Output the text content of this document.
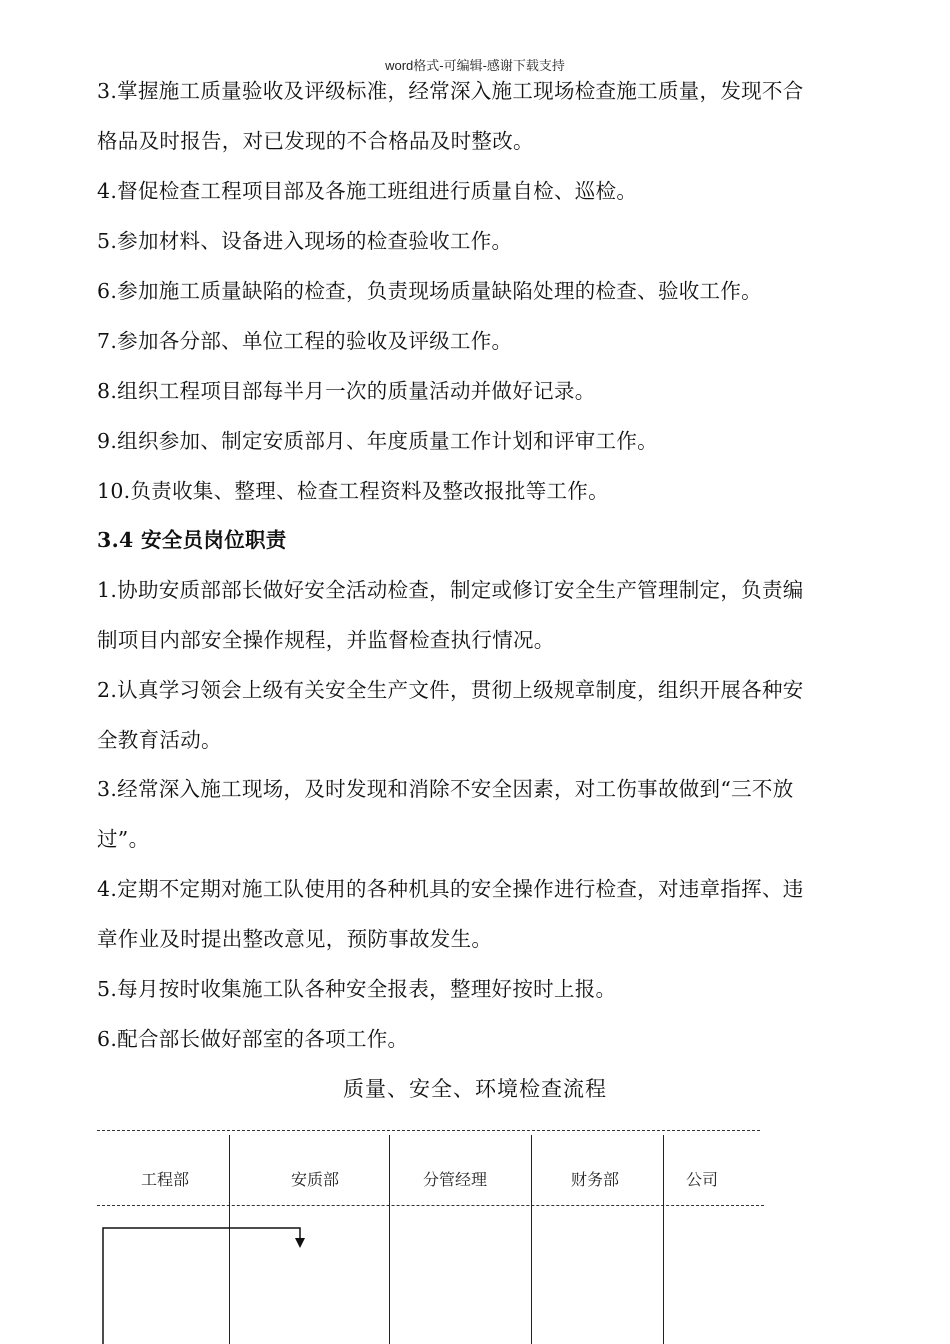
word格式-可编辑-感谢下载支持
3.掌握施工质量验收及评级标准，经常深入施工现场检查施工质量，发现不合
格品及时报告，对已发现的不合格品及时整改。
4.督促检查工程项目部及各施工班组进行质量自检、巡检。
5.参加材料、设备进入现场的检查验收工作。
6.参加施工质量缺陷的检查，负责现场质量缺陷处理的检查、验收工作。
7.参加各分部、单位工程的验收及评级工作。
8.组织工程项目部每半月一次的质量活动并做好记录。
9.组织参加、制定安质部月、年度质量工作计划和评审工作。
10.负责收集、整理、检查工程资料及整改报批等工作。
3.4 安全员岗位职责
1.协助安质部部长做好安全活动检查，制定或修订安全生产管理制定，负责编
制项目内部安全操作规程，并监督检查执行情况。
2.认真学习领会上级有关安全生产文件，贯彻上级规章制度，组织开展各种安
全教育活动。
3.经常深入施工现场，及时发现和消除不安全因素，对工伤事故做到“三不放
过”。
4.定期不定期对施工队使用的各种机具的安全操作进行检查，对违章指挥、违
章作业及时提出整改意见，预防事故发生。
5.每月按时收集施工队各种安全报表，整理好按时上报。
6.配合部长做好部室的各项工作。
质量、安全、环境检查流程
工程部	安质部	分管经理	财务部	公司
